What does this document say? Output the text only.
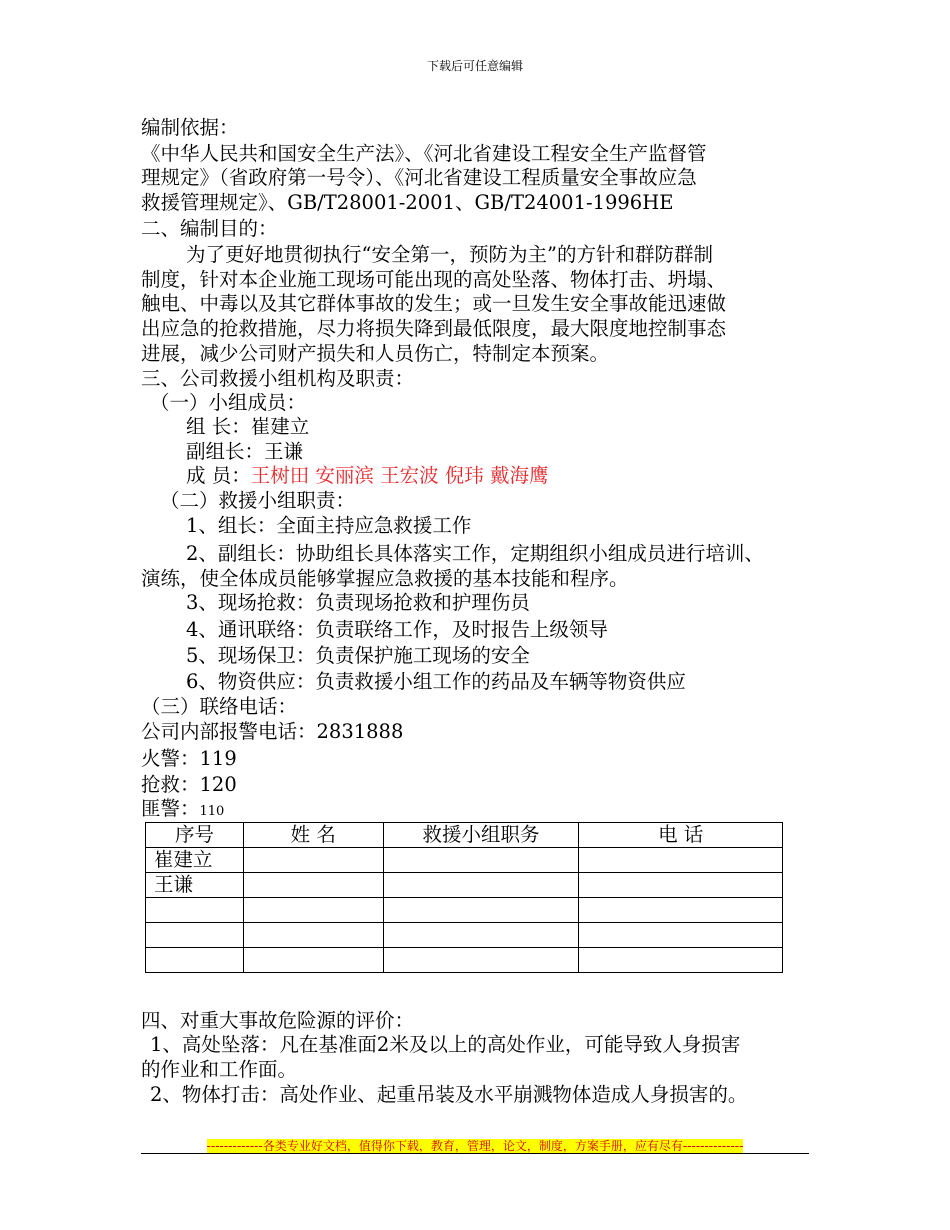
下载后可任意编辑
编制依据：
《中华人民共和国安全生产法》、《河北省建设工程安全生产监督管
理规定》（省政府第一号令）、《河北省建设工程质量安全事故应急
救援管理规定》、GB/T28001-2001、GB/T24001-1996HE
二、编制目的：
为了更好地贯彻执行“安全第一，预防为主”的方针和群防群制
制度，针对本企业施工现场可能出现的高处坠落、物体打击、坍塌、
触电、中毒以及其它群体事故的发生；或一旦发生安全事故能迅速做
出应急的抢救措施，尽力将损失降到最低限度，最大限度地控制事态
进展，减少公司财产损失和人员伤亡，特制定本预案。
三、公司救援小组机构及职责：
（一）小组成员：
组 长：崔建立
副组长：王谦
成 员：王树田 安丽滨 王宏波 倪玮 戴海鹰
（二）救援小组职责：
1、组长：全面主持应急救援工作
2、副组长：协助组长具体落实工作，定期组织小组成员进行培训、
演练，使全体成员能够掌握应急救援的基本技能和程序。
3、现场抢救：负责现场抢救和护理伤员
4、通讯联络：负责联络工作，及时报告上级领导
5、现场保卫：负责保护施工现场的安全
6、物资供应：负责救援小组工作的药品及车辆等物资供应
（三）联络电话：
公司内部报警电话：2831888
火警：119
抢救：120
匪警：110
序号	姓 名	救援小组职务	电 话
崔建立			
王谦			

四、对重大事故危险源的评价：
1、高处坠落：凡在基准面2米及以上的高处作业，可能导致人身损害
的作业和工作面。
2、物体打击：高处作业、起重吊装及水平崩溅物体造成人身损害的。
-------------各类专业好文档，值得你下载，教育，管理，论文，制度，方案手册，应有尽有--------------
